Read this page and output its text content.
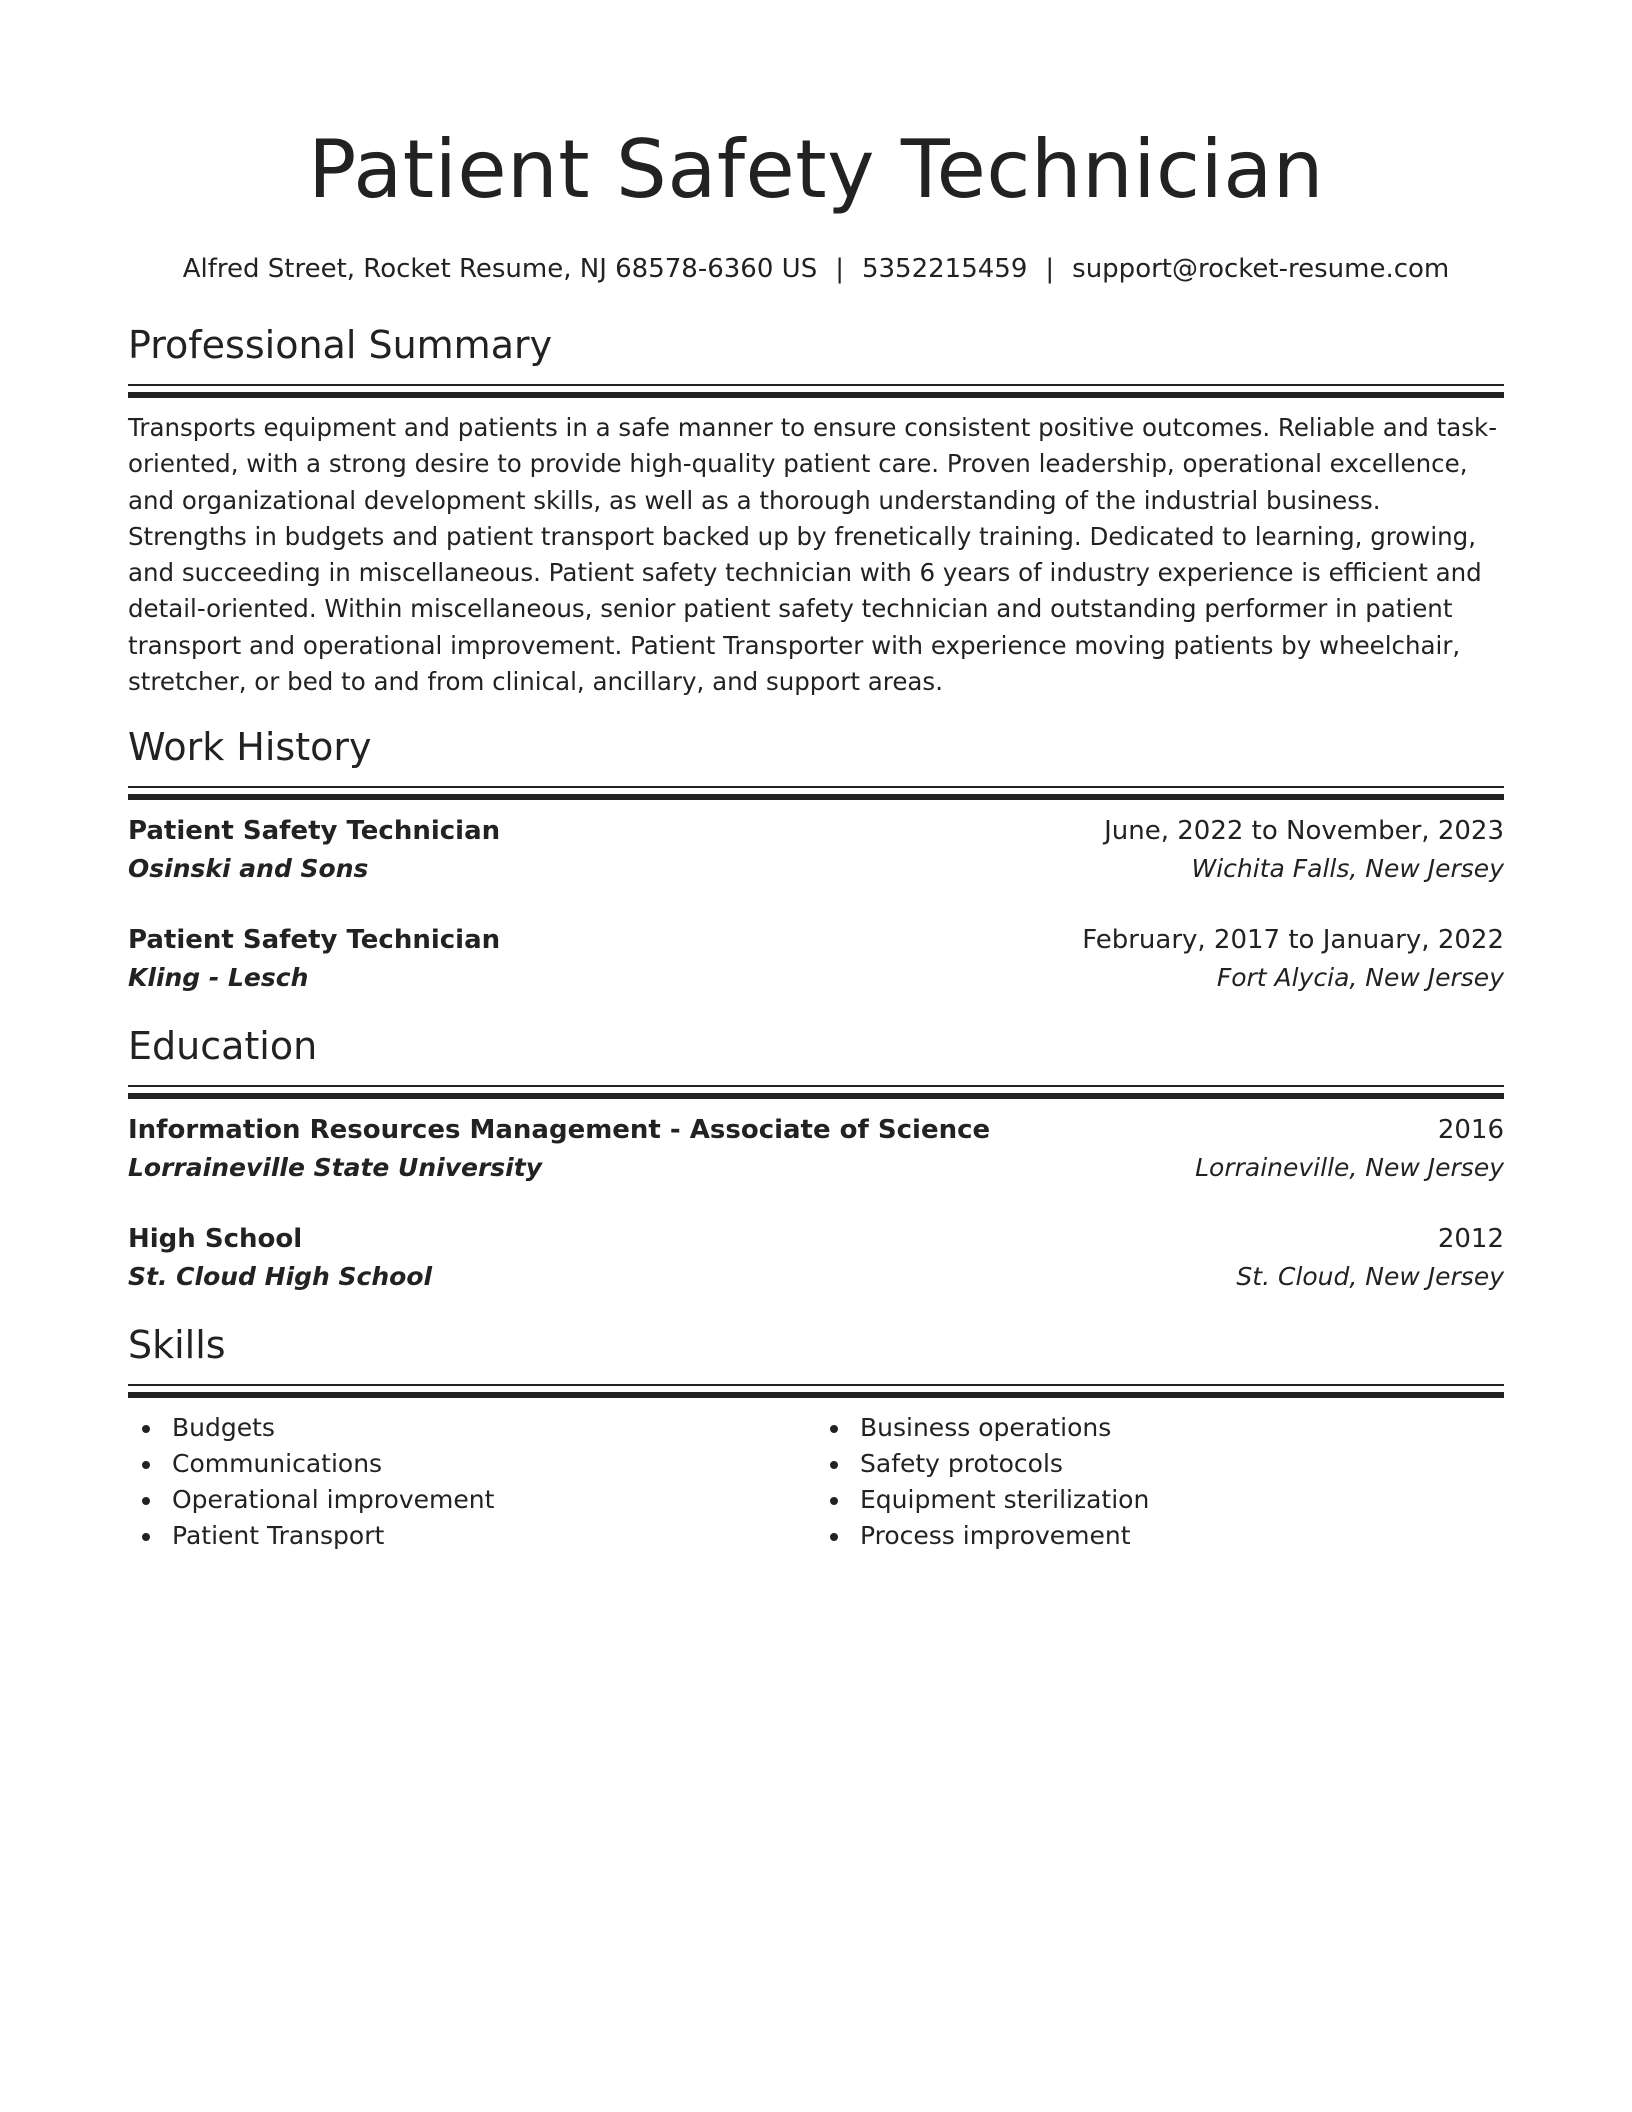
Patient Safety Technician
Alfred Street, Rocket Resume, NJ 68578-6360 US | 5352215459 | support@rocket-resume.com
Professional Summary

Transports equipment and patients in a safe manner to ensure consistent positive outcomes. Reliable and task-oriented, with a strong desire to provide high-quality patient care. Proven leadership, operational excellence, and organizational development skills, as well as a thorough understanding of the industrial business. Strengths in budgets and patient transport backed up by frenetically training. Dedicated to learning, growing, and succeeding in miscellaneous. Patient safety technician with 6 years of industry experience is efficient and detail-oriented. Within miscellaneous, senior patient safety technician and outstanding performer in patient transport and operational improvement. Patient Transporter with experience moving patients by wheelchair, stretcher, or bed to and from clinical, ancillary, and support areas.

Work History
Patient Safety Technician	June, 2022 to November, 2023
Osinski and Sons	Wichita Falls, New Jersey
Patient Safety Technician	February, 2017 to January, 2022
Kling - Lesch	Fort Alycia, New Jersey
Education
Information Resources Management - Associate of Science	2016
Lorraineville State University	Lorraineville, New Jersey
High School	2012
St. Cloud High School	St. Cloud, New Jersey
Skills
Budgets
Communications
Operational improvement
Patient Transport
Business operations
Safety protocols
Equipment sterilization
Process improvement
